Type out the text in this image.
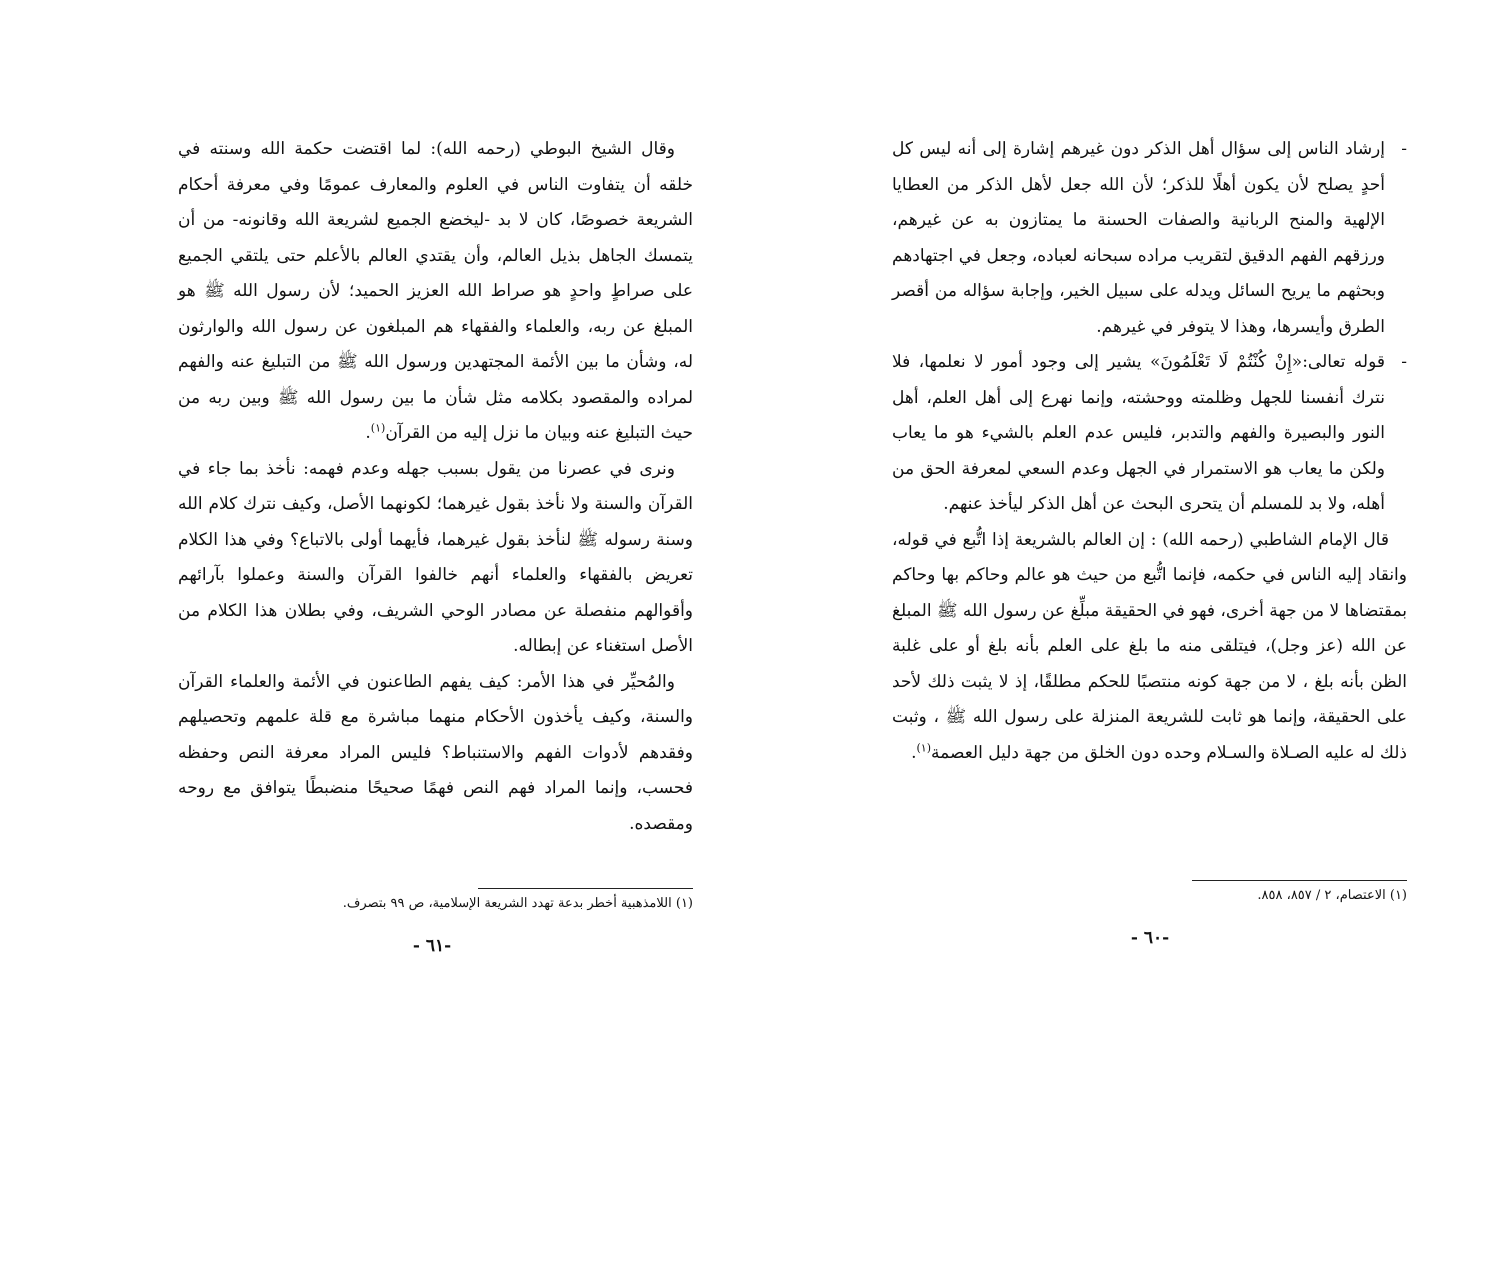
وقال الشيخ البوطي (رحمه الله): لما اقتضت حكمة الله وسنته في خلقه أن يتفاوت الناس في العلوم والمعارف عمومًا وفي معرفة أحكام الشريعة خصوصًا، كان لا بد -ليخضع الجميع لشريعة الله وقانونه- من أن يتمسك الجاهل بذيل العالم، وأن يقتدي العالم بالأعلم حتى يلتقي الجميع على صراطٍ واحدٍ هو صراط الله العزيز الحميد؛ لأن رسول الله ﷺ هو المبلغ عن ربه، والعلماء والفقهاء هم المبلغون عن رسول الله والوارثون له، وشأن ما بين الأئمة المجتهدين ورسول الله ﷺ من التبليغ عنه والفهم لمراده والمقصود بكلامه مثل شأن ما بين رسول الله ﷺ وبين ربه من حيث التبليغ عنه وبيان ما نزل إليه من القرآن$^{(١)}$.

ونرى في عصرنا من يقول بسبب جهله وعدم فهمه: نأخذ بما جاء في القرآن والسنة ولا نأخذ بقول غيرهما؛ لكونهما الأصل، وكيف نترك كلام الله وسنة رسوله ﷺ لنأخذ بقول غيرهما، فأيهما أولى بالاتباع؟ وفي هذا الكلام تعريض بالفقهاء والعلماء أنهم خالفوا القرآن والسنة وعملوا بآرائهم وأقوالهم منفصلة عن مصادر الوحي الشريف، وفي بطلان هذا الكلام من الأصل استغناء عن إبطاله.

والمُحيِّر في هذا الأمر: كيف يفهم الطاعنون في الأئمة والعلماء القرآن والسنة، وكيف يأخذون الأحكام منهما مباشرة مع قلة علمهم وتحصيلهم وفقدهم لأدوات الفهم والاستنباط؟ فليس المراد معرفة النص وحفظه فحسب، وإنما المراد فهم النص فهمًا صحيحًا منضبطًا يتوافق مع روحه ومقصده.

(١) اللامذهبية أخطر بدعة تهدد الشريعة الإسلامية، ص ٩٩ بتصرف.
-٦١ -
-
إرشاد الناس إلى سؤال أهل الذكر دون غيرهم إشارة إلى أنه ليس كل أحدٍ يصلح لأن يكون أهلًا للذكر؛ لأن الله جعل لأهل الذكر من العطايا الإلهية والمنح الربانية والصفات الحسنة ما يمتازون به عن غيرهم، ورزقهم الفهم الدقيق لتقريب مراده سبحانه لعباده، وجعل في اجتهادهم وبحثهم ما يريح السائل ويدله على سبيل الخير، وإجابة سؤاله من أقصر الطرق وأيسرها، وهذا لا يتوفر في غيرهم.
-
قوله تعالى:«إِنْ كُنْتُمْ لَا تَعْلَمُونَ» يشير إلى وجود أمور لا نعلمها، فلا نترك أنفسنا للجهل وظلمته ووحشته، وإنما نهرع إلى أهل العلم، أهل النور والبصيرة والفهم والتدبر، فليس عدم العلم بالشيء هو ما يعاب ولكن ما يعاب هو الاستمرار في الجهل وعدم السعي لمعرفة الحق من أهله، ولا بد للمسلم أن يتحرى البحث عن أهل الذكر ليأخذ عنهم.

قال الإمام الشاطبي (رحمه الله) : إن العالم بالشريعة إذا اتُّبع في قوله، وانقاد إليه الناس في حكمه، فإنما اتُّبع من حيث هو عالم وحاكم بها وحاكم بمقتضاها لا من جهة أخرى، فهو في الحقيقة مبلِّغ عن رسول الله ﷺ المبلغ عن الله (عز وجل)، فيتلقى منه ما بلغ على العلم بأنه بلغ أو على غلبة الظن بأنه بلغ ، لا من جهة كونه منتصبًا للحكم مطلقًا، إذ لا يثبت ذلك لأحد على الحقيقة، وإنما هو ثابت للشريعة المنزلة على رسول الله ﷺ ، وثبت ذلك له عليه الصـلاة والسـلام وحده دون الخلق من جهة دليل العصمة$^{(١)}$.

(١) الاعتصام، ٢ / ٨٥٧، ٨٥٨.
-٦٠ -
